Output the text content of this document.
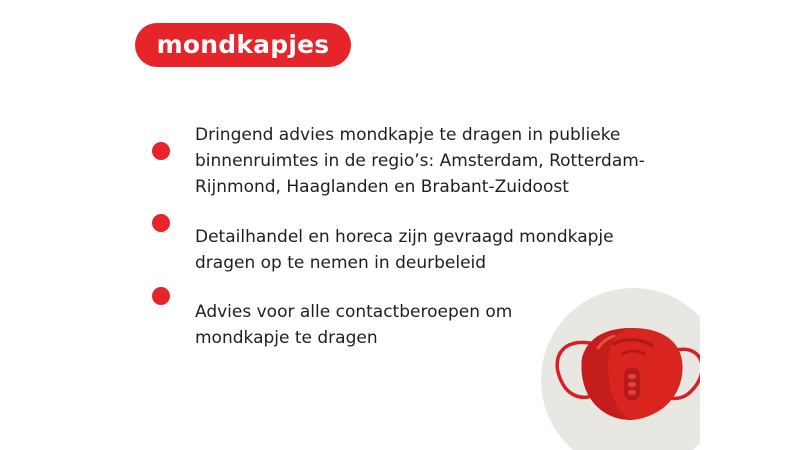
mondkapjes

Dringend advies mondkapje te dragen in publieke
binnenruimtes in de regio’s: Amsterdam, Rotterdam-
Rijnmond, Haaglanden en Brabant-Zuidoost

Detailhandel en horeca zijn gevraagd mondkapje
dragen op te nemen in deurbeleid

Advies voor alle contactberoepen om
mondkapje te dragen
